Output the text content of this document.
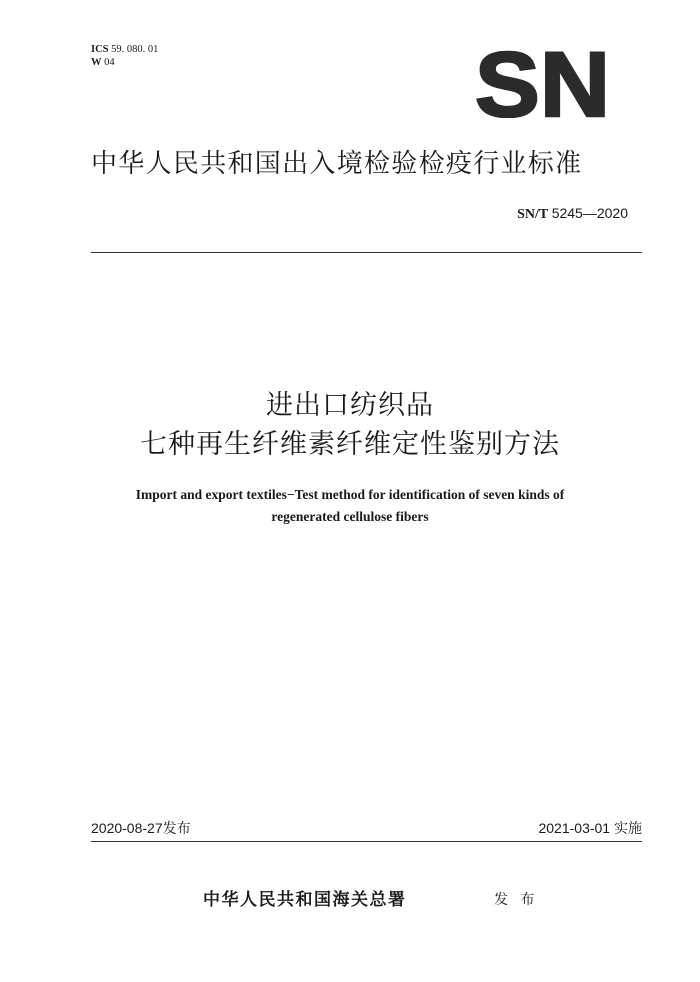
ICS 59. 080. 01
W 04	SN
中华人民共和国出入境检验检疫行业标准
SN/T 5245—2020
进出口纺织品
七种再生纤维素纤维定性鉴别方法
Import and export textiles−Test method for identification of seven kinds of
regenerated cellulose fibers
2020-08-27发布	2021-03-01 实施
中华人民共和国海关总署	发 布
